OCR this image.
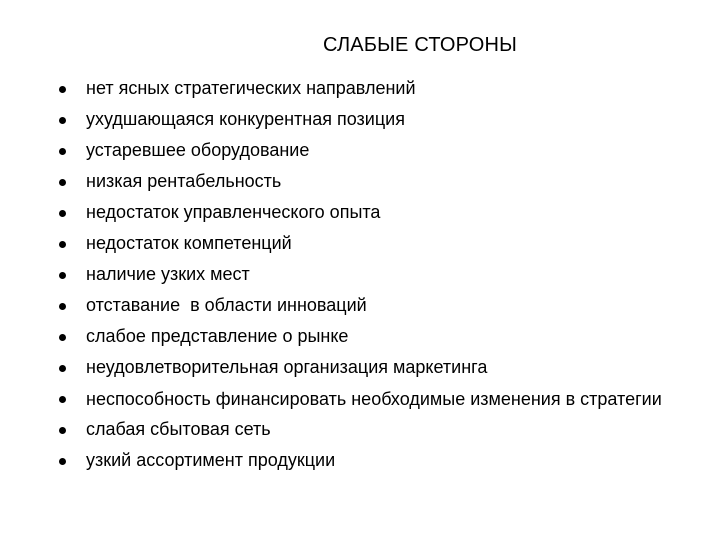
СЛАБЫЕ СТОРОНЫ
нет ясных стратегических направлений
ухудшающаяся конкурентная позиция
устаревшее оборудование
низкая рентабельность
недостаток управленческого опыта
недостаток компетенций
наличие узких мест
отставание  в области инноваций
слабое представление о рынке
неудовлетворительная организация маркетинга
неспособность финансировать необходимые изменения в стратегии
слабая сбытовая сеть
узкий ассортимент продукции
